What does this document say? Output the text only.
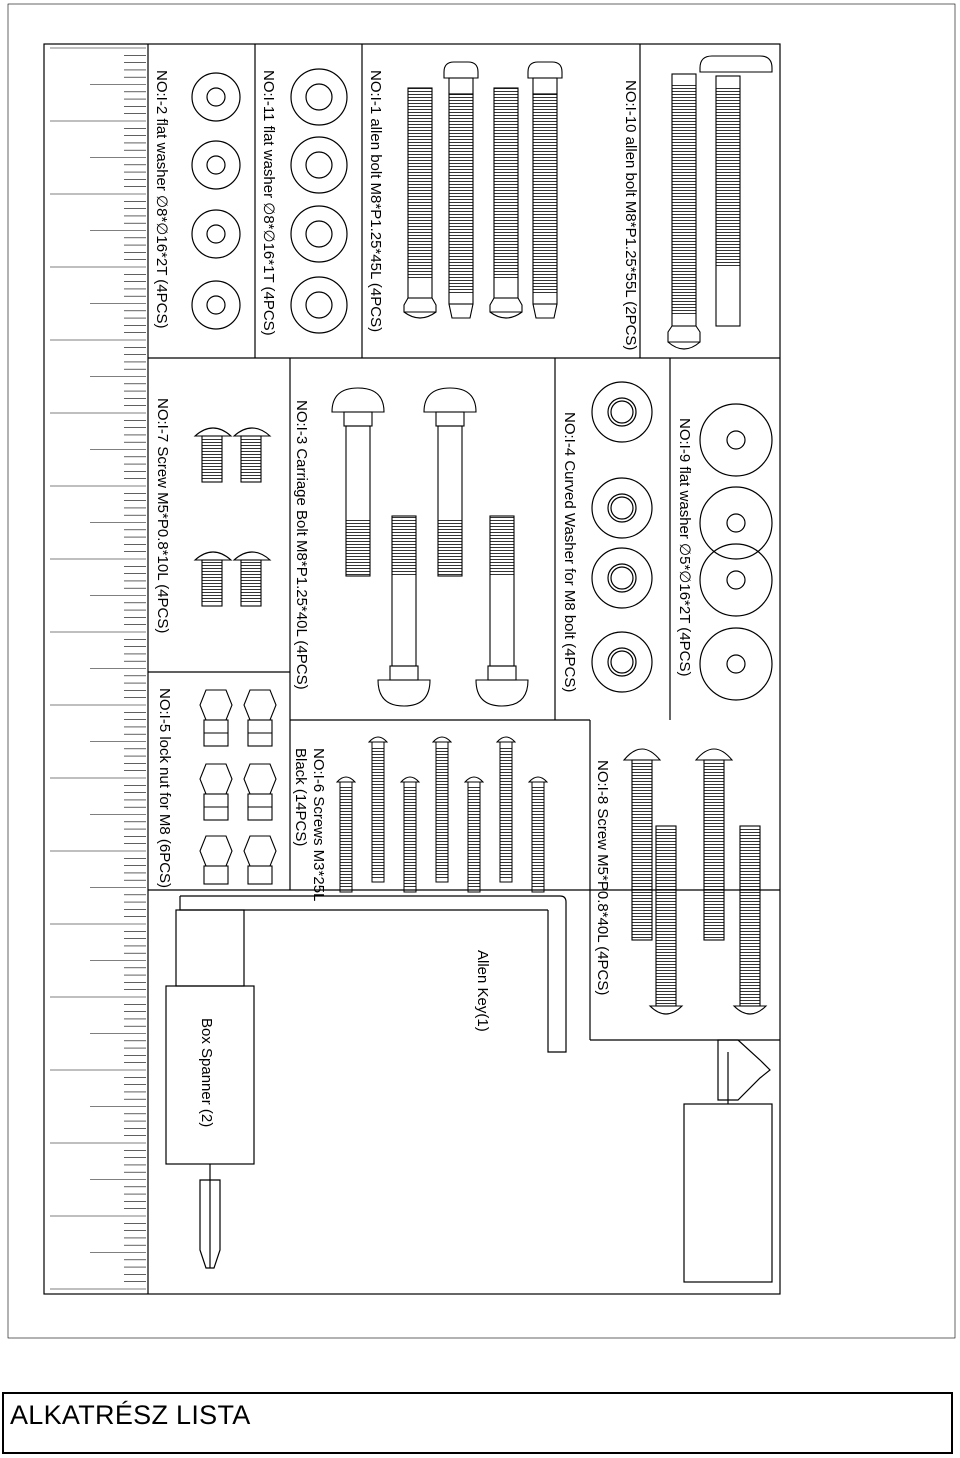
NO:I-2 flat washer ∅8*∅16*2T (4PCS)	NO:I-11 flat washer ∅8*∅16*1T (4PCS)	NO:I-1 allen bolt M8*P1.25*45L (4PCS)	NO:I-10 allen bolt M8*P1.25*55L (2PCS)
NO:I-7 Screw M5*P0.8*10L (4PCS)	NO:I-3 Carriage Bolt M8*P1.25*40L (4PCS)	NO:I-4 Curved Washer for M8 bolt (4PCS)	NO:I-9 flat washer ∅5*∅16*2T (4PCS)
NO:I-5 lock nut for M8 (6PCS)	NO:I-6 Screws M3*25L
Black (14PCS)	NO:I-8 Screw M5*P0.8*40L (4PCS)
Allen Key(1)
Box Spanner (2)
ALKATRÉSZ LISTA
